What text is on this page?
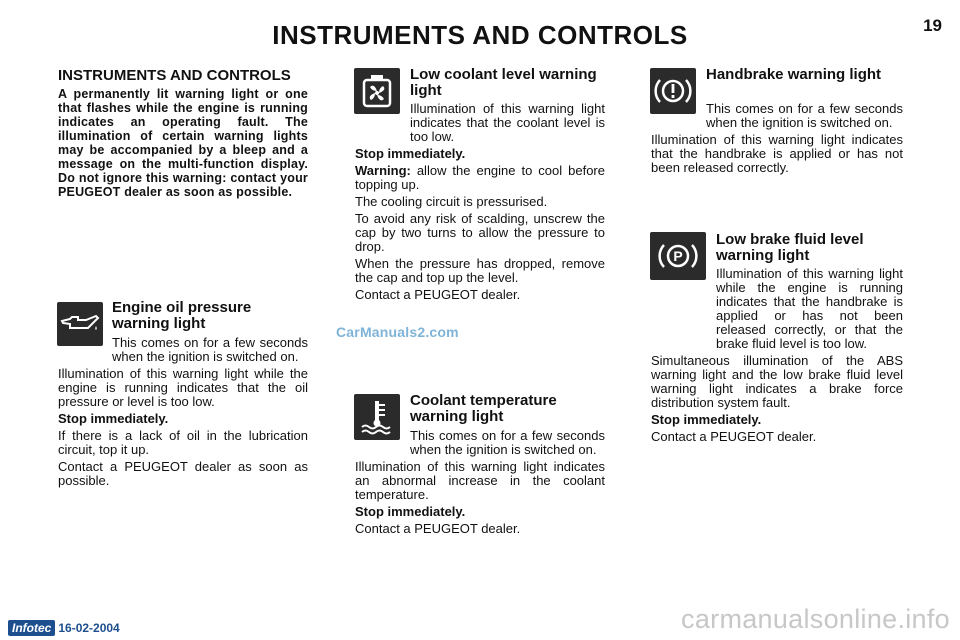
INSTRUMENTS AND CONTROLS	19

INSTRUMENTS AND CONTROLS

A permanently lit warning light or one that flashes while the engine is running indicates an operating fault. The illumination of certain warning lights may be accompanied by a bleep and a message on the multi-function display. Do not ignore this warning: contact your PEUGEOT dealer as soon as possible.

Engine oil pressure warning light

This comes on for a few seconds when the ignition is switched on.

Illumination of this warning light while the engine is running indicates that the oil pressure or level is too low.

Stop immediately.

If there is a lack of oil in the lubrication circuit, top it up.

Contact a PEUGEOT dealer as soon as possible.

Low coolant level warning light

Illumination of this warning light indicates that the coolant level is too low.

Stop immediately.

Warning: allow the engine to cool before topping up.

The cooling circuit is pressurised.

To avoid any risk of scalding, unscrew the cap by two turns to allow the pressure to drop.

When the pressure has dropped, remove the cap and top up the level.

Contact a PEUGEOT dealer.

Coolant temperature warning light

This comes on for a few seconds when the ignition is switched on.

Illumination of this warning light indicates an abnormal increase in the coolant temperature.

Stop immediately.

Contact a PEUGEOT dealer.

Handbrake warning light

This comes on for a few seconds when the ignition is switched on.

Illumination of this warning light indicates that the handbrake is applied or has not been released correctly.

P

Low brake fluid level warning light

Illumination of this warning light while the engine is running indicates that the handbrake is applied or has not been released correctly, or that the brake fluid level is too low.

Simultaneous illumination of the ABS warning light and the low brake fluid level warning light indicates a brake force distribution system fault.

Stop immediately.

Contact a PEUGEOT dealer.

CarManuals2.com
Infotec 16-02-2004	carmanualsonline.info
